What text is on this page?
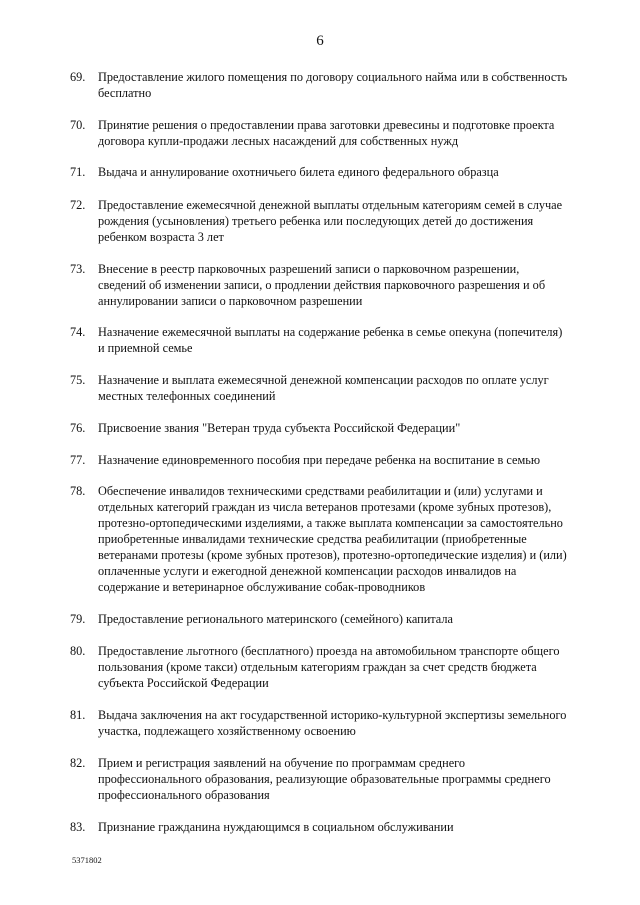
6
69. Предоставление жилого помещения по договору социального найма или в собственность бесплатно
70. Принятие решения о предоставлении права заготовки древесины и подготовке проекта договора купли-продажи лесных насаждений для собственных нужд
71. Выдача и аннулирование охотничьего билета единого федерального образца
72. Предоставление ежемесячной денежной выплаты отдельным категориям семей в случае рождения (усыновления) третьего ребенка или последующих детей до достижения ребенком возраста 3 лет
73. Внесение в реестр парковочных разрешений записи о парковочном разрешении, сведений об изменении записи, о продлении действия парковочного разрешения и об аннулировании записи о парковочном разрешении
74. Назначение ежемесячной выплаты на содержание ребенка в семье опекуна (попечителя) и приемной семье
75. Назначение и выплата ежемесячной денежной компенсации расходов по оплате услуг местных телефонных соединений
76. Присвоение звания "Ветеран труда субъекта Российской Федерации"
77. Назначение единовременного пособия при передаче ребенка на воспитание в семью
78. Обеспечение инвалидов техническими средствами реабилитации и (или) услугами и отдельных категорий граждан из числа ветеранов протезами (кроме зубных протезов), протезно-ортопедическими изделиями, а также выплата компенсации за самостоятельно приобретенные инвалидами технические средства реабилитации (приобретенные ветеранами протезы (кроме зубных протезов), протезно-ортопедические изделия) и (или) оплаченные услуги и ежегодной денежной компенсации расходов инвалидов на содержание и ветеринарное обслуживание собак-проводников
79. Предоставление регионального материнского (семейного) капитала
80. Предоставление льготного (бесплатного) проезда на автомобильном транспорте общего пользования (кроме такси) отдельным категориям граждан за счет средств бюджета субъекта Российской Федерации
81. Выдача заключения на акт государственной историко-культурной экспертизы земельного участка, подлежащего хозяйственному освоению
82. Прием и регистрация заявлений на обучение по программам среднего профессионального образования, реализующие образовательные программы среднего профессионального образования
83. Признание гражданина нуждающимся в социальном обслуживании
5371802
